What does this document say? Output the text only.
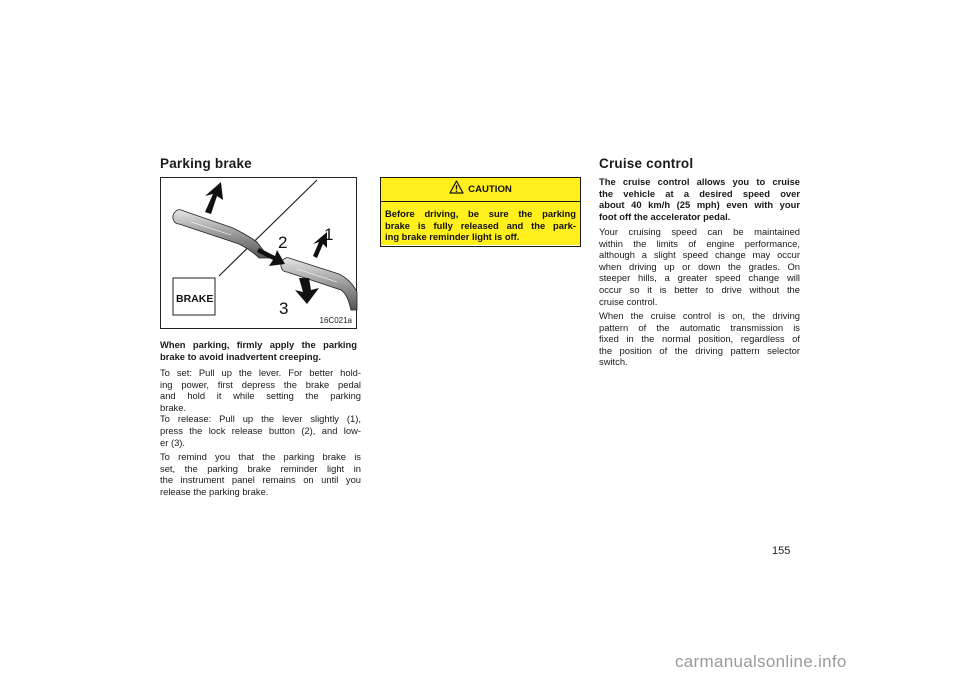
Parking brake
2 1
3
BRAKE
16C021a

When parking, firmly apply the parking
brake to avoid inadvertent creeping.

To set: Pull up the lever. For better hold-
ing power, first depress the brake pedal
and hold it while setting the parking
brake.
To release: Pull up the lever slightly (1),
press the lock release button (2), and low-
er (3).

To remind you that the parking brake is
set, the parking brake reminder light in
the instrument panel remains on until you
release the parking brake.

CAUTION
Before driving, be sure the parking
brake is fully released and the park-
ing brake reminder light is off.
Cruise control

The cruise control allows you to cruise
the vehicle at a desired speed over
about 40 km/h (25 mph) even with your
foot off the accelerator pedal.

Your cruising speed can be maintained
within the limits of engine performance,
although a slight speed change may occur
when driving up or down the grades. On
steeper hills, a greater speed change will
occur so it is better to drive without the
cruise control.

When the cruise control is on, the driving
pattern of the automatic transmission is
fixed in the normal position, regardless of
the position of the driving pattern selector
switch.

155
carmanualsonline.info
